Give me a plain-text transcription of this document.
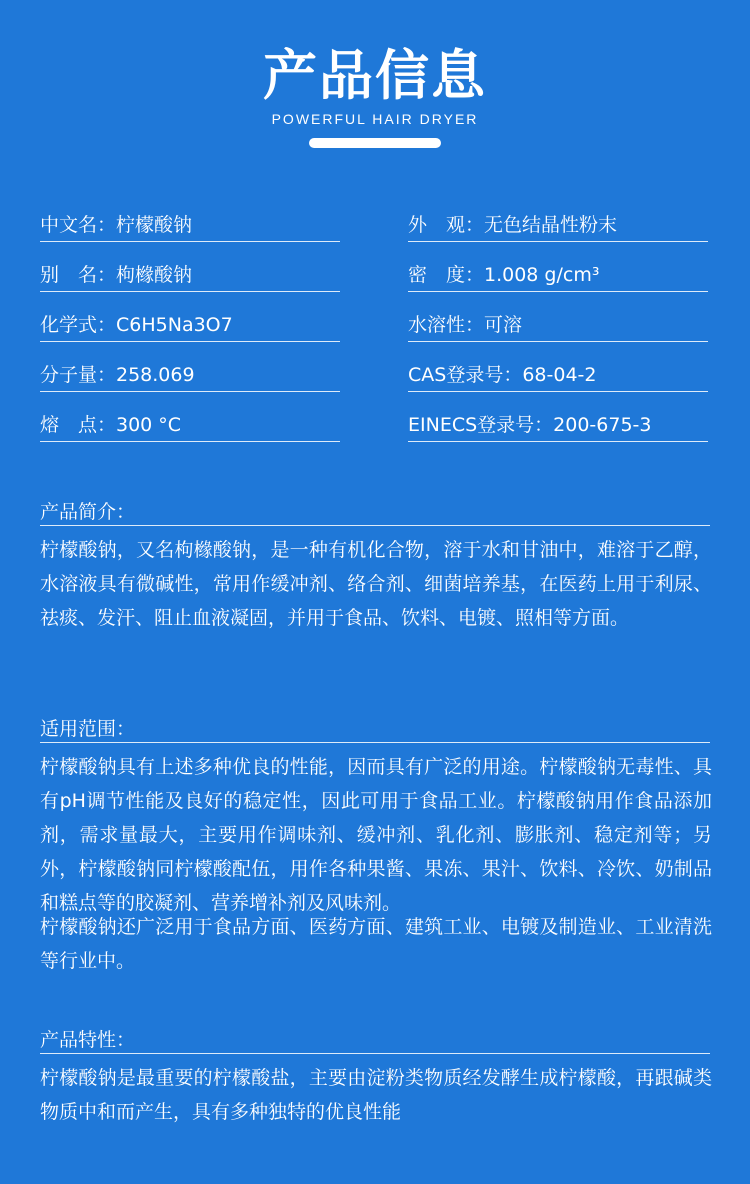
产品信息
POWERFUL HAIR DRYER
中文名：柠檬酸钠
别　名：枸橼酸钠
化学式：C6H5Na3O7
分子量：258.069
熔　点：300 °C
外　观：无色结晶性粉末
密　度：1.008 g/cm³
水溶性：可溶
CAS登录号：68-04-2
EINECS登录号：200-675-3
产品简介：
柠檬酸钠，又名枸橼酸钠，是一种有机化合物，溶于水和甘油中，难溶于乙醇，水溶液具有微碱性，常用作缓冲剂、络合剂、细菌培养基，在医药上用于利尿、祛痰、发汗、阻止血液凝固，并用于食品、饮料、电镀、照相等方面。
适用范围：
柠檬酸钠具有上述多种优良的性能，因而具有广泛的用途。柠檬酸钠无毒性、具有pH调节性能及良好的稳定性，因此可用于食品工业。柠檬酸钠用作食品添加剂，需求量最大，主要用作调味剂、缓冲剂、乳化剂、膨胀剂、稳定剂等；另外，柠檬酸钠同柠檬酸配伍，用作各种果酱、果冻、果汁、饮料、冷饮、奶制品和糕点等的胶凝剂、营养增补剂及风味剂。
柠檬酸钠还广泛用于食品方面、医药方面、建筑工业、电镀及制造业、工业清洗等行业中。
产品特性：
柠檬酸钠是最重要的柠檬酸盐，主要由淀粉类物质经发酵生成柠檬酸，再跟碱类物质中和而产生，具有多种独特的优良性能
